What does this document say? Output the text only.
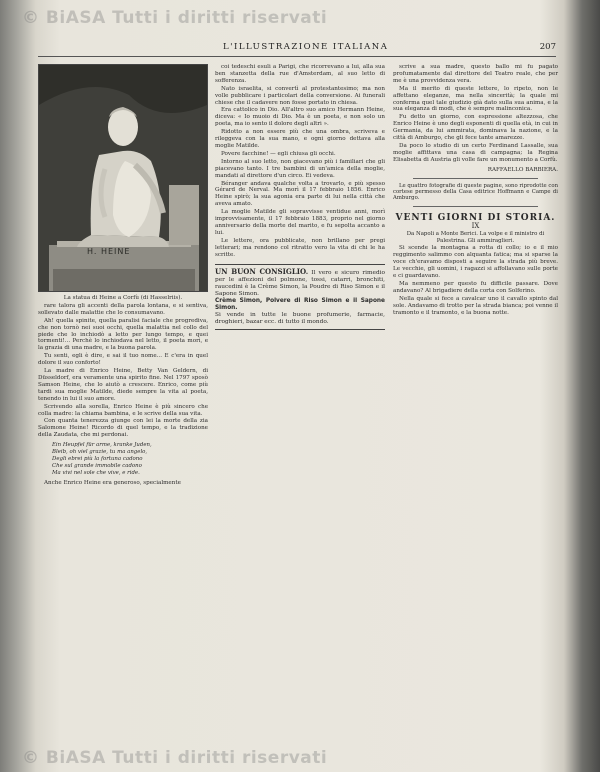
© BiASA Tutti i diritti riservati
L'ILLUSTRAZIONE ITALIANA	207
H. HEINE

La statua di Heine a Corfù (di Hasselriis).

rare talora gli accenti della parola lontana, e si sentiva, sollevato dalle malattie che lo consumavano.

Ah! quella spinite, quella paralisi faciale che progrediva, che non tornò nei suoi occhi, quella malattia nel collo del piede che lo inchiodò a letto per lungo tempo, e quei tormenti!... Perchè lo inchiodava nel letto, il poeta morì, e la grazia di una madre, e la buona parola.

Tu senti, egli è dire, e sai il tuo nome... E c'era in quel dolore il suo conforto!

La madre di Enrico Heine, Betty Van Geldern, di Düsseldorf, era veramente una spirito fine. Nel 1797 sposò Samson Heine, che lo aiutò a crescere. Enrico, come più tardi sua moglie Matilde, diede sempre la vita al poeta, tenendo in lui il suo amore.

Scrivendo alla sorella, Enrico Heine è più sincero che colla madre: la chiama bambina, e le scrive della sua vita.

Con quanta tenerezza giunge con lei la morte della zia Salomone Heine! Ricordo di quel tempo, e la tradizione della Zaudata, che mi perdonai.

Ein Heupfel für arme, kranke Juden,
Bleib, oh viel grazie, tu ma angelo,
Degli ebrei più la fortuna cadono
Che sul grande immobile cadono
Ma vivi nel sole che vive, e ride.

Anche Enrico Heine era generoso, specialmente

coi tedeschi esuli a Parigi, che ricorrevano a lui, alla sua ben stanzetta della rue d'Amsterdam, al suo letto di sofferenza.

Nato israelita, si convertì al protestantesimo; ma non volle pubblicare i particolari della conversione. Ai funerali chiese che il cadavere non fosse portato in chiesa.

Era cattolico in Dio. All'altro suo amico Hermann Heine, diceva: « Io muoio di Dio. Ma è un poeta, e non solo un poeta, ma io sento il dolore degli altri ».

Ridotto a non essere più che una ombra, scriveva e rileggeva con la sua mano, e ogni giorno dettava alla moglie Matilde.

Povere facchine! — egli chiusa gli occhi.

Intorno al suo letto, non giacevano più i familiari che gli piacevano tanto. I tre bambini di un'amica della moglie, mandati al direttore d'un circo. Ei vedeva.

Béranger andava qualche volta a trovarlo, e più spesso Gérard de Nerval. Ma morì il 17 febbraio 1856. Enrico Heine spirò; la sua agonia era parte di lui nella città che aveva amato.

La moglie Matilde gli sopravvisse ventidue anni, morì improvvisamente, il 17 febbraio 1883, proprio nel giorno anniversario della morte del marito, e fu sepolta accanto a lui.

Le lettere, ora pubblicate, non brillano per pregi letterari; ma rendono col ritratto vero la vita di chi le ha scritte.

UN BUON CONSIGLIO. Il vero e sicuro rimedio per le affezioni del polmone, tossi, catarri, bronchiti, raucedini è la Crème Simon, la Poudre di Riso Simon e il Sapone Simon.
Crème Simon, Polvere di Riso Simon e il Sapone Simon.
Si vende in tutte le buone profumerie, farmacie, droghieri, bazar ecc. di tutto il mondo.

scrive a sua madre, questo ballo mi fu pagato profumatamente dal direttore del Teatro reale, che per me è una provvidenza vera.

Ma il merito di queste lettere, lo ripeto, non le affettano eleganze, ma nella sincerità; la quale mi conferma quel tale giudizio già dato sulla sua anima, e la sua eleganza di modi, che è sempre malinconica.

Fu detto un giorno, con espressione altezzosa, che Enrico Heine è uno degli esponenti di quella età, in cui in Germania, da lui ammirata, dominava la nazione, e la città di Amburgo, che gli fece tante amarezze.

Da poco lo studio di un certo Ferdinand Lassalle, sua moglie affittava una casa di campagna; la Regina Elisabetta di Austria gli volle fare un monumento a Corfù.

RAFFAELLO BARBIERA.

Le quattro fotografie di queste pagine, sono riprodotte con cortese permesso della Casa editrice Hoffmann e Campe di Amburgo.

VENTI GIORNI DI STORIA.

IX

Da Napoli a Monte Berici. La volpe e il ministro di Palestrina. Gli ammiraglieri.

Si scende la montagna a rotta di collo; io e il mio reggimento salimmo con alquanta fatica; ma si sparse la voce ch'eravamo disposti a seguire la strada più breve. Le vecchie, gli uomini, i ragazzi si affollavano sulle porte e ci guardavano.

Ma nemmeno per questo fu difficile passare. Dove andavano? Al brigadiere della corta con Solferino.

Nella quale si fece a cavalcar uno il cavallo spinto dal sole. Andavamo di trotto per la strada bianca; poi venne il tramonto e il tramonto, e la buona notte.

© BiASA Tutti i diritti riservati
